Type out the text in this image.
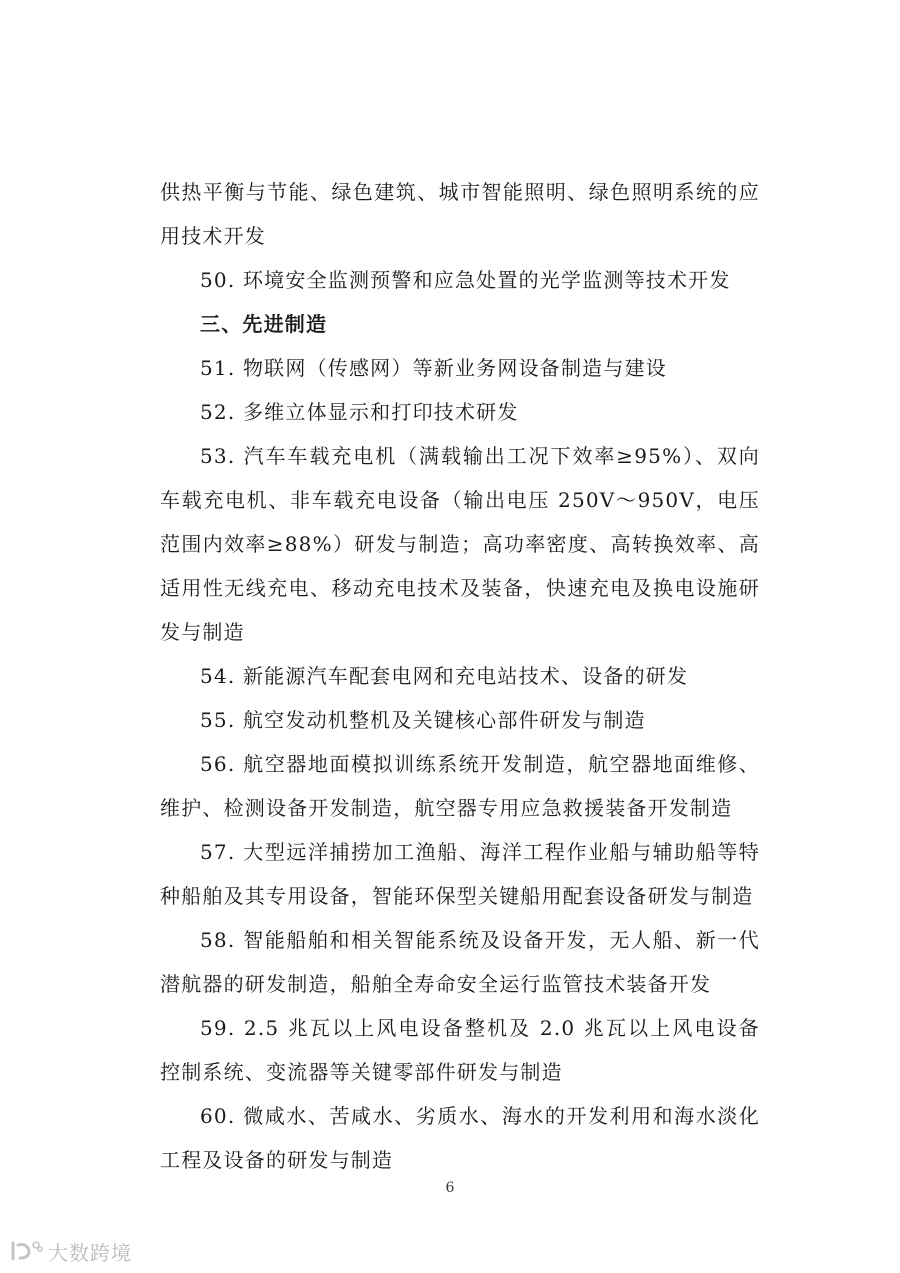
供热平衡与节能、绿色建筑、城市智能照明、绿色照明系统的应用技术开发

50. 环境安全监测预警和应急处置的光学监测等技术开发

三、先进制造

51. 物联网（传感网）等新业务网设备制造与建设

52. 多维立体显示和打印技术研发

53. 汽车车载充电机（满载输出工况下效率≥95%）、双向车载充电机、非车载充电设备（输出电压 250V～950V，电压范围内效率≥88%）研发与制造；高功率密度、高转换效率、高适用性无线充电、移动充电技术及装备，快速充电及换电设施研发与制造

54. 新能源汽车配套电网和充电站技术、设备的研发

55. 航空发动机整机及关键核心部件研发与制造

56. 航空器地面模拟训练系统开发制造，航空器地面维修、维护、检测设备开发制造，航空器专用应急救援装备开发制造

57. 大型远洋捕捞加工渔船、海洋工程作业船与辅助船等特种船舶及其专用设备，智能环保型关键船用配套设备研发与制造

58. 智能船舶和相关智能系统及设备开发，无人船、新一代潜航器的研发制造，船舶全寿命安全运行监管技术装备开发

59. 2.5 兆瓦以上风电设备整机及 2.0 兆瓦以上风电设备控制系统、变流器等关键零部件研发与制造

60. 微咸水、苦咸水、劣质水、海水的开发利用和海水淡化工程及设备的研发与制造

6
大数跨境
